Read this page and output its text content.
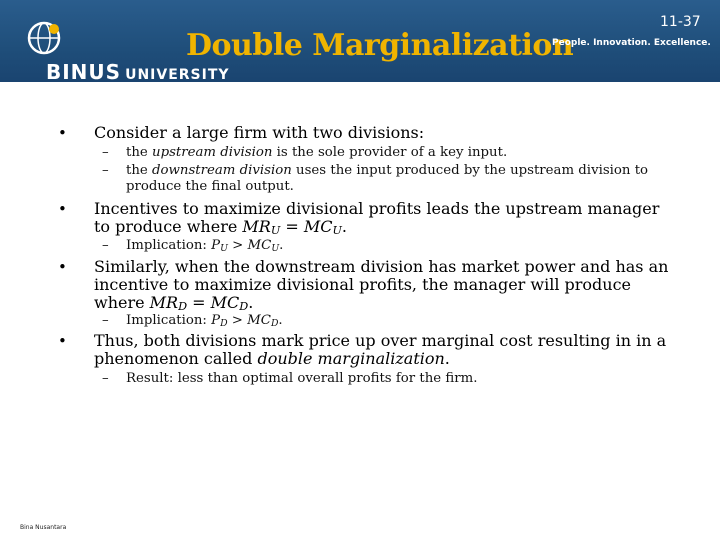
BINUS UNIVERSITY
Double Marginalization
People. Innovation. Excellence.
11-37
• Consider a large firm with two divisions:
– the upstream division is the sole provider of a key input.
– the downstream division uses the input produced by the upstream division to produce the final output.
• Incentives to maximize divisional profits leads the upstream manager to produce where $MR_U = MC_U$.
– Implication: $P_U > MC_U$.
• Similarly, when the downstream division has market power and has an incentive to maximize divisional profits, the manager will produce where $MR_D = MC_D$.
– Implication: $P_D > MC_D$.
• Thus, both divisions mark price up over marginal cost resulting in in a phenomenon called double marginalization.
– Result: less than optimal overall profits for the firm.
Bina Nusantara
